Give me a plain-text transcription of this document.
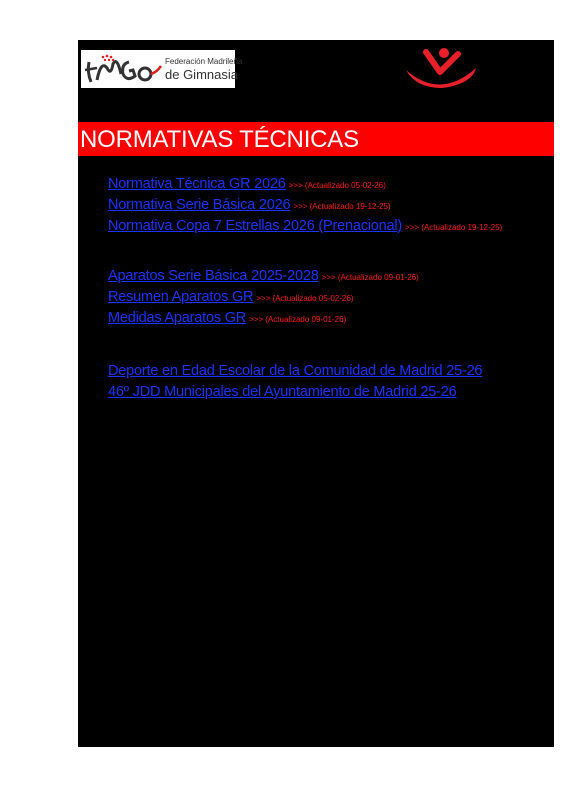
Federación Madrileña
de Gimnasia
NORMATIVAS TÉCNICAS
Normativa Técnica GR 2026 >>> (Actualizado 05-02-26)
Normativa Serie Básica 2026 >>> (Actualizado 19-12-25)
Normativa Copa 7 Estrellas 2026 (Prenacional) >>> (Actualizado 19-12-25)
Aparatos Serie Básica 2025-2028 >>> (Actualizado 09-01-26)
Resumen Aparatos GR >>> (Actualizado 05-02-26)
Medidas Aparatos GR >>> (Actualizado 09-01-26)
Deporte en Edad Escolar de la Comunidad de Madrid 25-26
46º JDD Municipales del Ayuntamiento de Madrid 25-26
